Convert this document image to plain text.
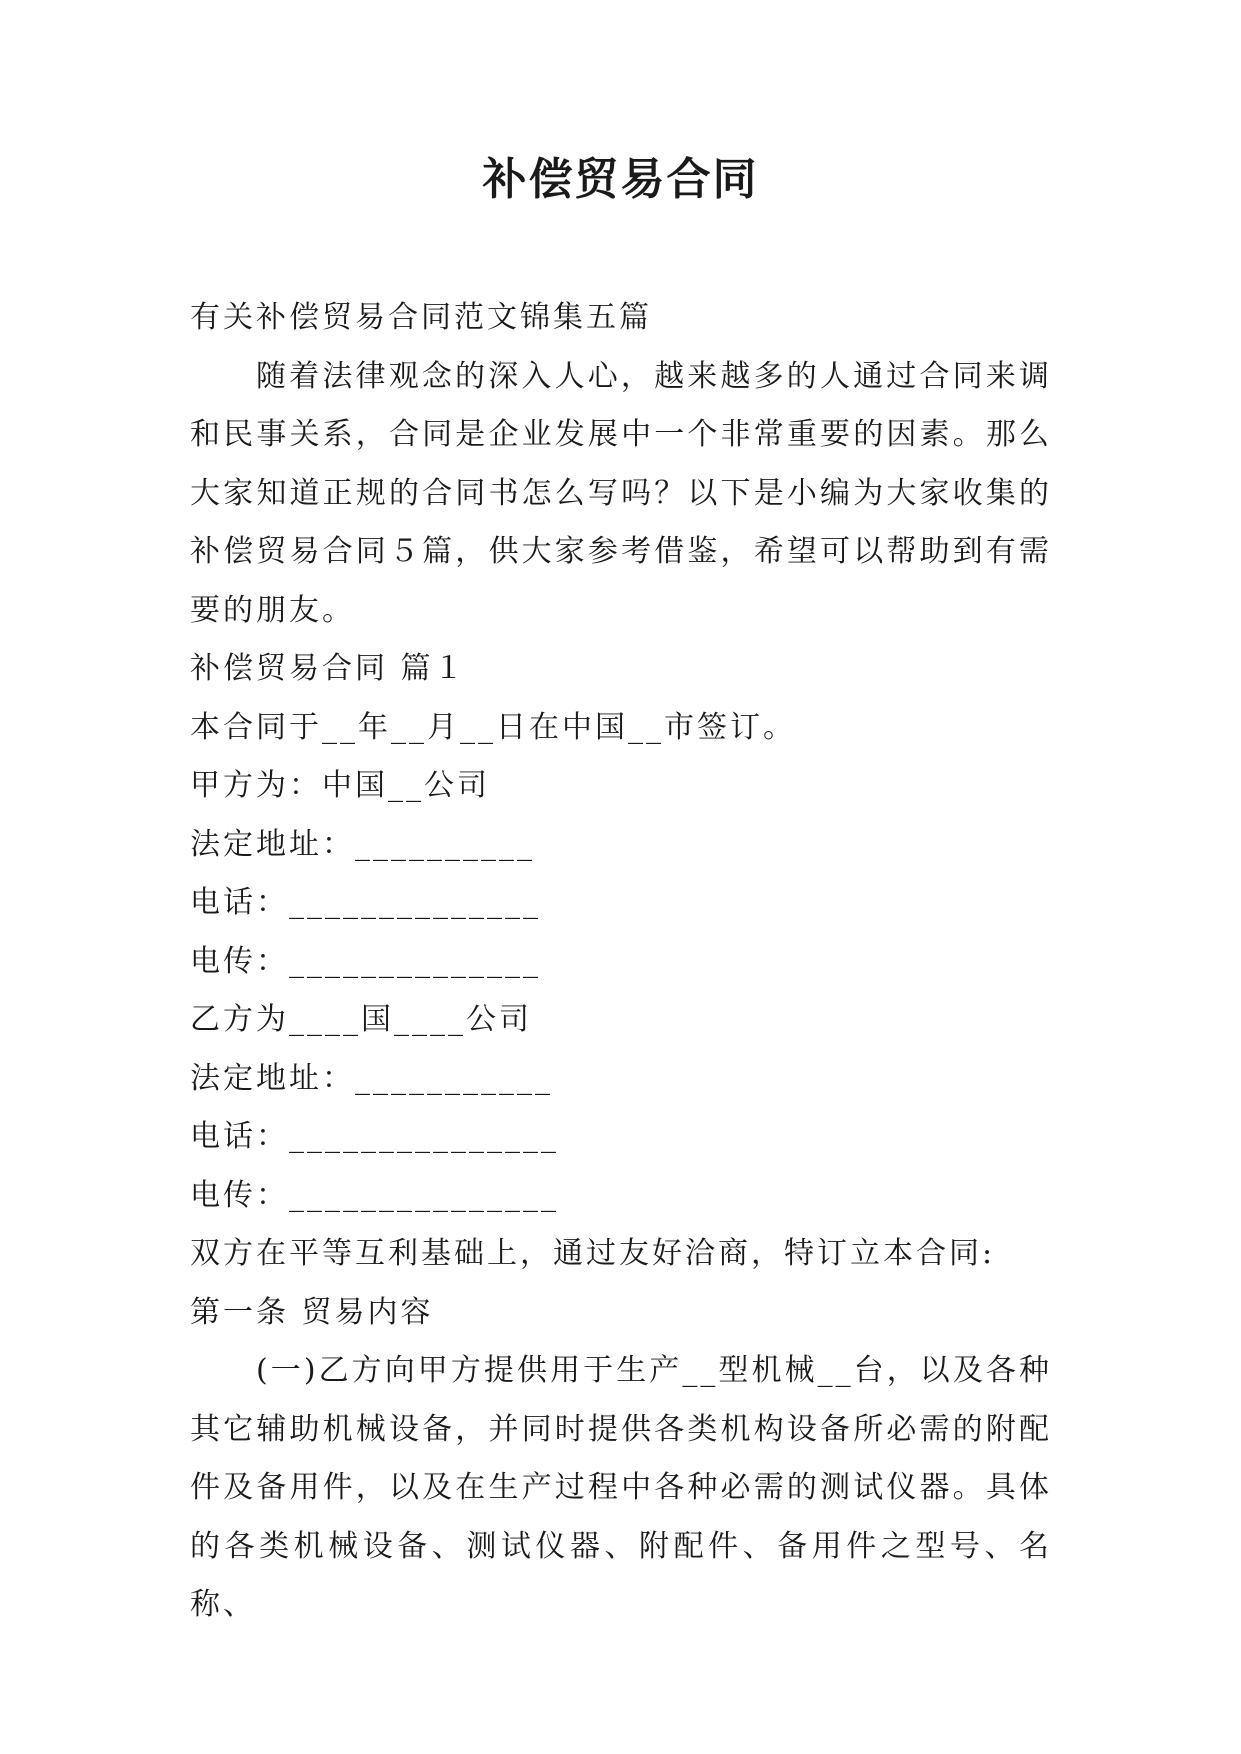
补偿贸易合同

有关补偿贸易合同范文锦集五篇

随着法律观念的深入人心，越来越多的人通过合同来调和民事关系，合同是企业发展中一个非常重要的因素。那么大家知道正规的合同书怎么写吗？以下是小编为大家收集的补偿贸易合同５篇，供大家参考借鉴，希望可以帮助到有需要的朋友。

补偿贸易合同 篇１

本合同于__年__月__日在中国__市签订。

甲方为：中国__公司

法定地址：__________

电话：______________

电传：______________

乙方为____国____公司

法定地址：___________

电话：_______________

电传：_______________

双方在平等互利基础上，通过友好洽商，特订立本合同:

第一条 贸易内容

(一)乙方向甲方提供用于生产__型机械__台，以及各种其它辅助机械设备，并同时提供各类机构设备所必需的附配件及备用件，以及在生产过程中各种必需的测试仪器。具体的各类机械设备、测试仪器、附配件、备用件之型号、名称、
